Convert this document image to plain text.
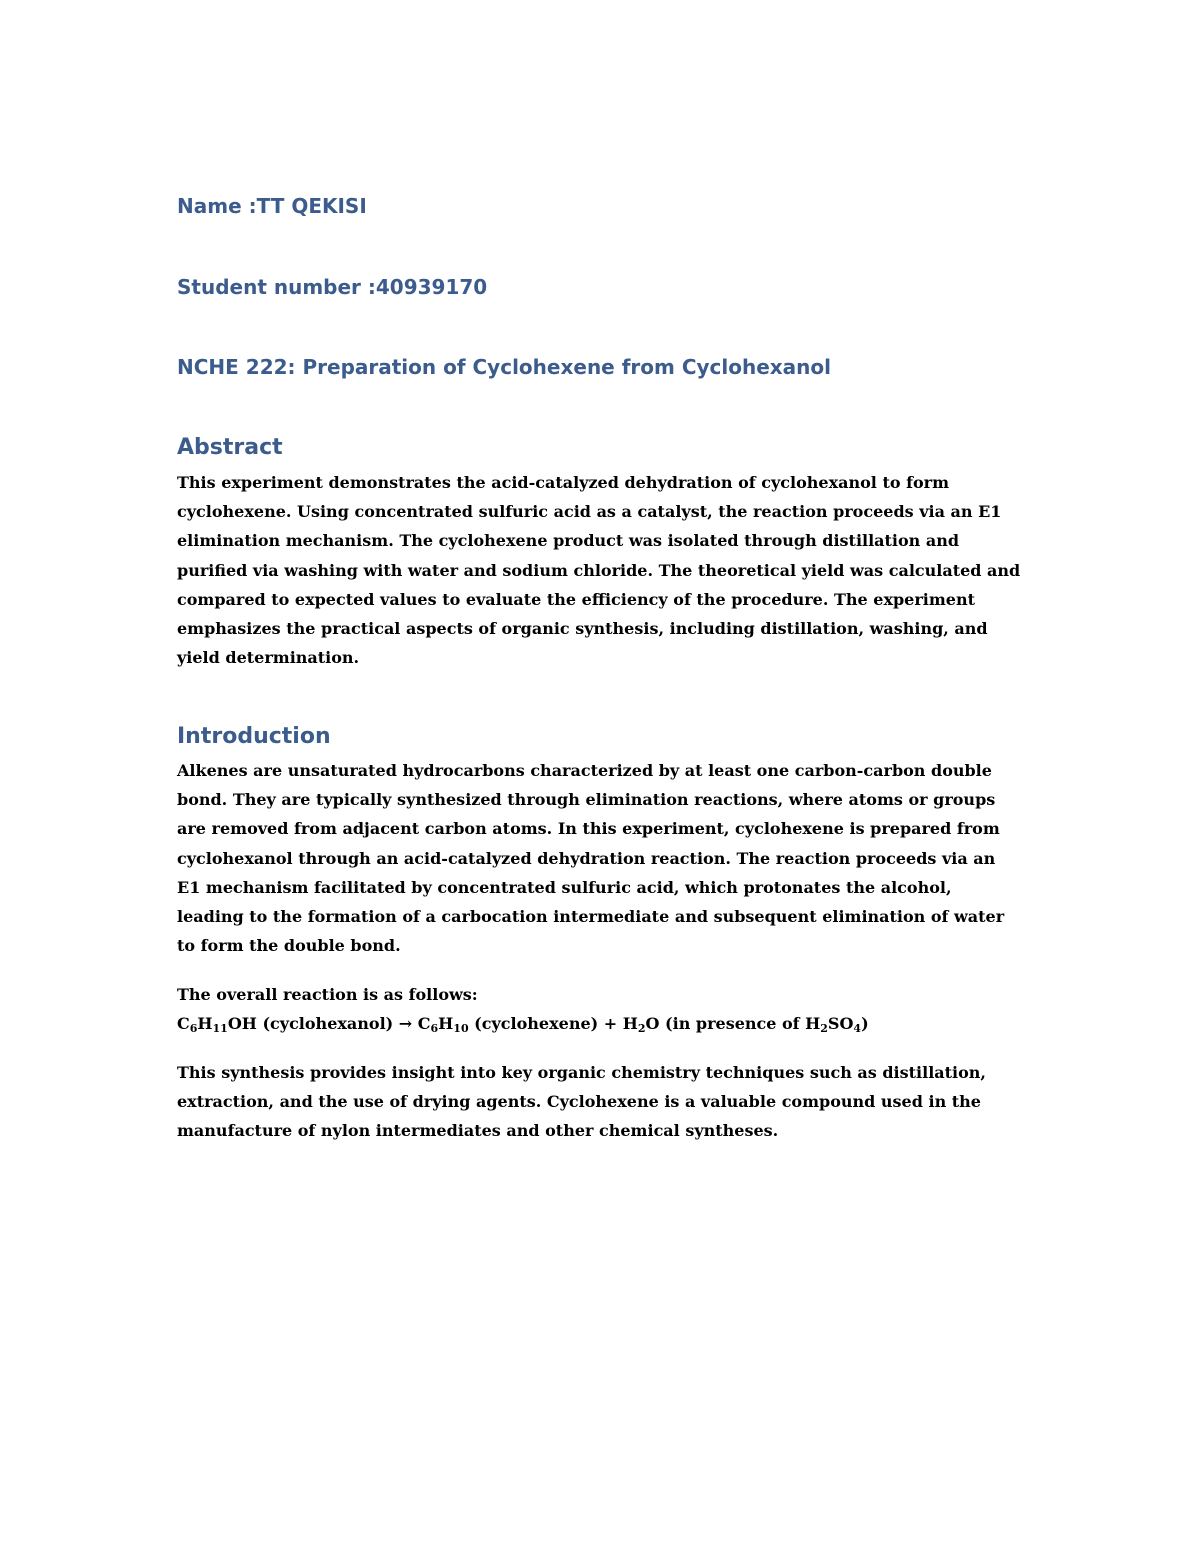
Name :TT QEKISI
Student number :40939170
NCHE 222: Preparation of Cyclohexene from Cyclohexanol
Abstract

This experiment demonstrates the acid-catalyzed dehydration of cyclohexanol to form cyclohexene. Using concentrated sulfuric acid as a catalyst, the reaction proceeds via an E1 elimination mechanism. The cyclohexene product was isolated through distillation and purified via washing with water and sodium chloride. The theoretical yield was calculated and compared to expected values to evaluate the efficiency of the procedure. The experiment emphasizes the practical aspects of organic synthesis, including distillation, washing, and yield determination.

Introduction

Alkenes are unsaturated hydrocarbons characterized by at least one carbon-carbon double bond. They are typically synthesized through elimination reactions, where atoms or groups are removed from adjacent carbon atoms. In this experiment, cyclohexene is prepared from cyclohexanol through an acid-catalyzed dehydration reaction. The reaction proceeds via an E1 mechanism facilitated by concentrated sulfuric acid, which protonates the alcohol, leading to the formation of a carbocation intermediate and subsequent elimination of water to form the double bond.

The overall reaction is as follows:

$C_6H_{11}OH$ (cyclohexanol) → $C_6H_{10}$ (cyclohexene) + $H_2O$ (in presence of $H_2SO_4$)

This synthesis provides insight into key organic chemistry techniques such as distillation, extraction, and the use of drying agents. Cyclohexene is a valuable compound used in the manufacture of nylon intermediates and other chemical syntheses.
